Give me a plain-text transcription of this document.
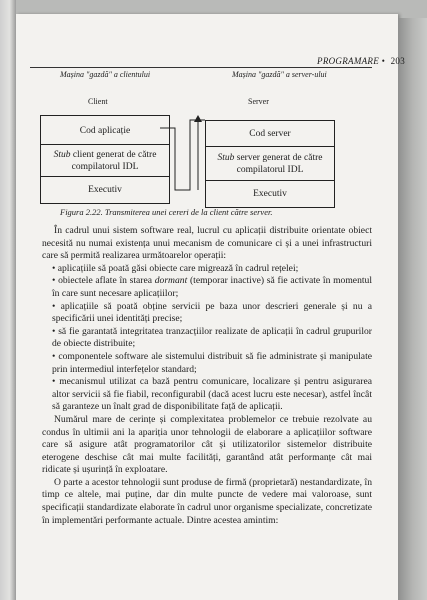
PROGRAMARE • 203
Mașina "gazdă" a clientului	Mașina "gazdă" a server-ului
Client	Server
Cod aplicație
Stub client generat de către
compilatorul IDL
Executiv
Cod server
Stub server generat de către
compilatorul IDL
Executiv
Figura 2.22. Transmiterea unei cereri de la client către server.

În cadrul unui sistem software real, lucrul cu aplicații distribuite orientate obiect necesită nu numai existența unui mecanism de comunicare ci și a unei infrastructuri care să permită realizarea următoarelor operații:

• aplicațiile să poată găsi obiecte care migrează în cadrul rețelei;

• obiectele aflate în starea dormant (temporar inactive) să fie activate în momentul în care sunt necesare aplicațiilor;

• aplicațiile să poată obține servicii pe baza unor descrieri generale și nu a specificării unei identități precise;

• să fie garantată integritatea tranzacțiilor realizate de aplicații în cadrul grupurilor de obiecte distribuite;

• componentele software ale sistemului distribuit să fie administrate și manipulate prin intermediul interfețelor standard;

• mecanismul utilizat ca bază pentru comunicare, localizare și pentru asigurarea altor servicii să fie fiabil, reconfigurabil (dacă acest lucru este necesar), astfel încât să garanteze un înalt grad de disponibilitate față de aplicații.

Numărul mare de cerințe și complexitatea problemelor ce trebuie rezolvate au condus în ultimii ani la apariția unor tehnologii de elaborare a aplicațiilor software care să asigure atât programatorilor cât și utilizatorilor sistemelor distribuite eterogene deschise cât mai multe facilități, garantând atât performanțe cât mai ridicate și ușurință în exploatare.

O parte a acestor tehnologii sunt produse de firmă (proprietară) nestandardizate, în timp ce altele, mai puține, dar din multe puncte de vedere mai valoroase, sunt specificații standardizate elaborate în cadrul unor organisme specializate, concretizate în implementări performante actuale. Dintre acestea amintim:
